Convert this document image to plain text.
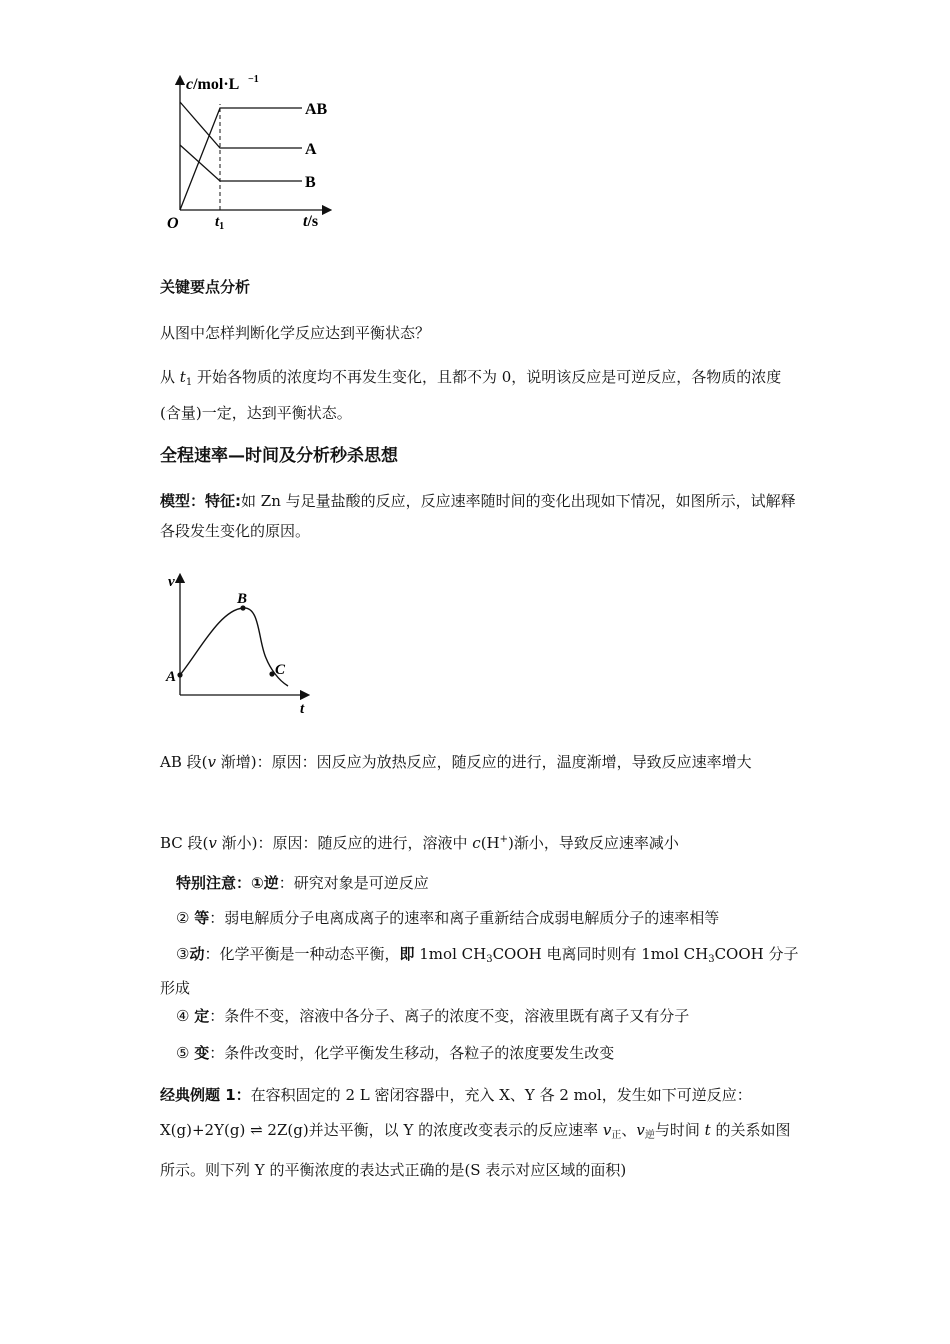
c/mol·L −1
AB
A
B
O $t_1$	t/s
关键要点分析
从图中怎样判断化学反应达到平衡状态？
从 $t_1$ 开始各物质的浓度均不再发生变化，且都不为 0，说明该反应是可逆反应，各物质的浓度(含量)一定，达到平衡状态。
全程速率—时间及分析秒杀思想
模型：特征:如 Zn 与足量盐酸的反应，反应速率随时间的变化出现如下情况，如图所示，试解释各段发生变化的原因。
v
t
A
B
C
AB 段(v 渐增)：原因：因反应为放热反应，随反应的进行，温度渐增，导致反应速率增大
BC 段(v 渐小)：原因：随反应的进行，溶液中 c(H+)渐小，导致反应速率减小
特别注意：①逆：研究对象是可逆反应
② 等：弱电解质分子电离成离子的速率和离子重新结合成弱电解质分子的速率相等
③动：化学平衡是一种动态平衡，即 1mol $CH_3COOH$ 电离同时则有 1mol $CH_3COOH$ 分子形成
④ 定：条件不变，溶液中各分子、离子的浓度不变，溶液里既有离子又有分子
⑤ 变：条件改变时，化学平衡发生移动，各粒子的浓度要发生改变
经典例题 1：在容积固定的 2 L 密闭容器中，充入 X、Y 各 2 mol，发生如下可逆反应：X(g)+2Y(g) ⇌ 2Z(g)并达平衡，以 Y 的浓度改变表示的反应速率 $v_正$、$v_逆$与时间 t 的关系如图所示。则下列 Y 的平衡浓度的表达式正确的是(S 表示对应区域的面积)
